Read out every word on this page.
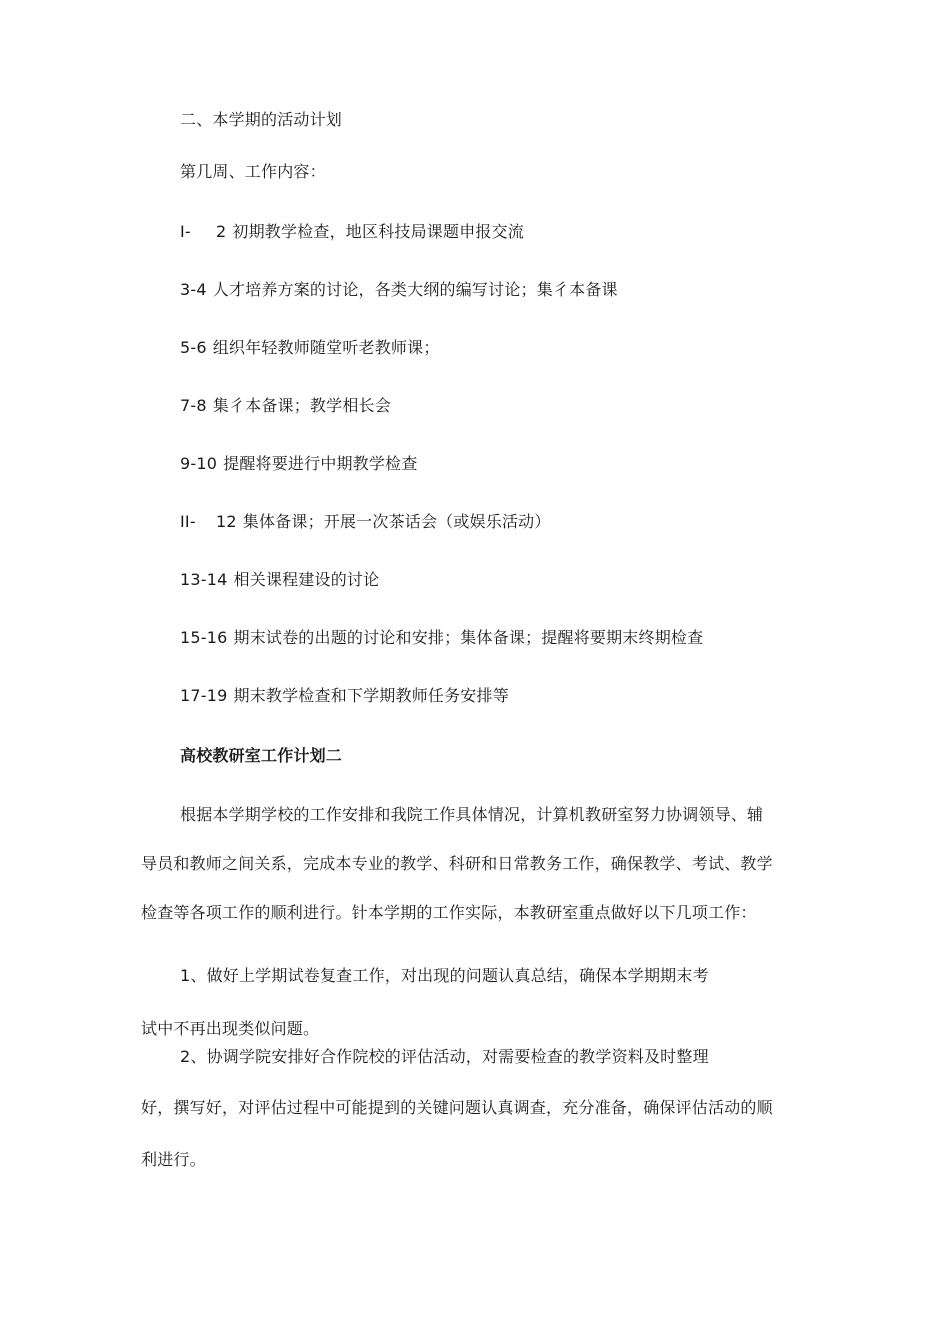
二、本学期的活动计划
第几周、工作内容：
I- 2 初期教学检查，地区科技局课题申报交流
3-4 人才培养方案的讨论，各类大纲的编写讨论；集彳本备课
5-6 组织年轻教师随堂听老教师课；
7-8 集彳本备课；教学相长会
9-10 提醒将要进行中期教学检查
II- 12 集体备课；开展一次茶话会（或娱乐活动）
13-14 相关课程建设的讨论
15-16 期末试卷的出题的讨论和安排；集体备课；提醒将要期末终期检查
17-19 期末教学检查和下学期教师任务安排等
高校教研室工作计划二
根据本学期学校的工作安排和我院工作具体情况，计算机教研室努力协调领导、辅
导员和教师之间关系，完成本专业的教学、科研和日常教务工作，确保教学、考试、教学
检查等各项工作的顺利进行。针本学期的工作实际，本教研室重点做好以下几项工作：
1、做好上学期试卷复查工作，对出现的问题认真总结，确保本学期期末考
试中不再出现类似问题。
2、协调学院安排好合作院校的评估活动，对需要检查的教学资料及时整理
好，撰写好，对评估过程中可能提到的关键问题认真调查，充分准备，确保评估活动的顺
利进行。
